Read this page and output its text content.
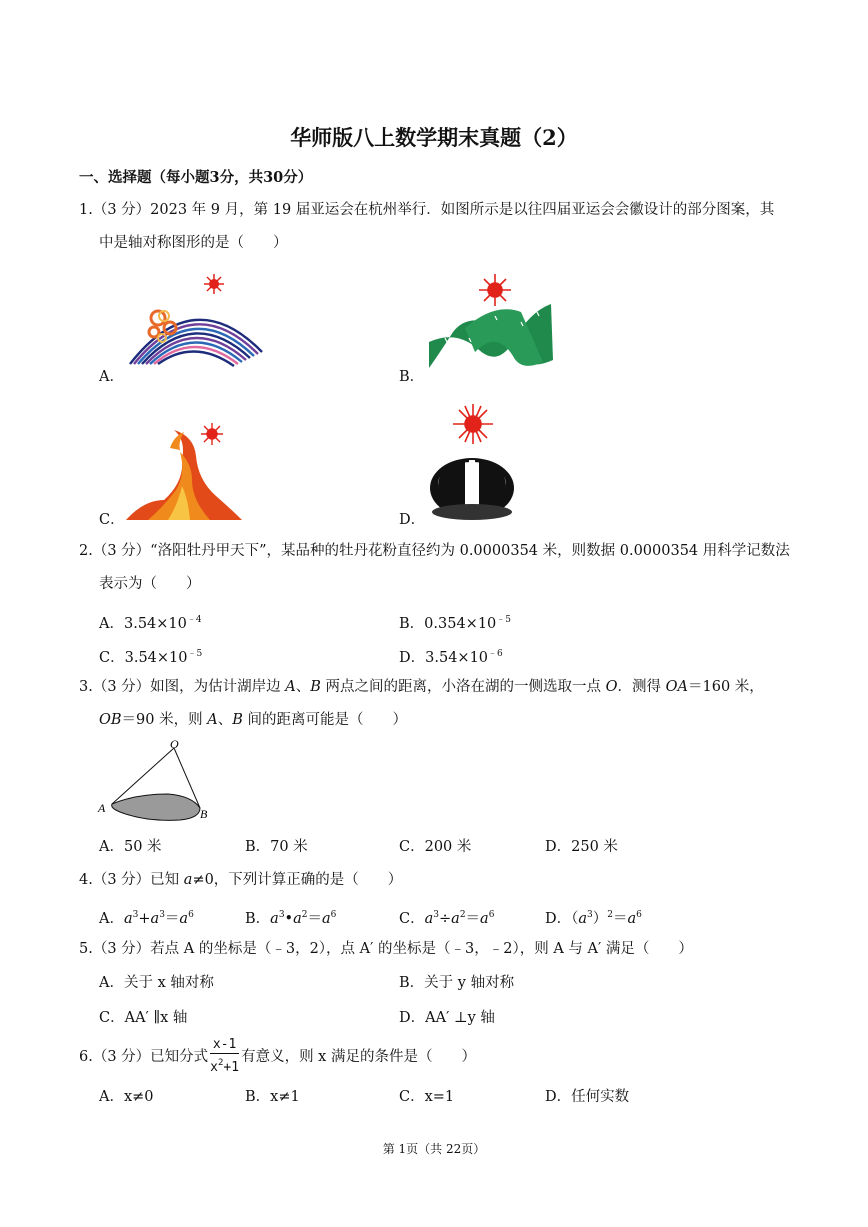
华师版八上数学期末真题（2）
一、选择题（每小题3分，共30分）
1.（3 分）2023 年 9 月，第 19 届亚运会在杭州举行．如图所示是以往四届亚运会会徽设计的部分图案，其
中是轴对称图形的是（　　）
A．	B．
C．	D．
2.（3 分）“洛阳牡丹甲天下”，某品种的牡丹花粉直径约为 0.0000354 米，则数据 0.0000354 用科学记数法
表示为（　　）
A．$3.54\times 10^{﹣4}$	B．$0.354\times 10^{﹣5}$
C．$3.54\times 10^{﹣5}$	D．$3.54\times 10^{﹣6}$
3.（3 分）如图，为估计湖岸边 A、B 两点之间的距离，小洛在湖的一侧选取一点 O．测得 OA＝160 米，
OB＝90 米，则 A、B 间的距离可能是（　　）
O
A	B
A．50 米	B．70 米	C．200 米	D．250 米
4.（3 分）已知 a≠0，下列计算正确的是（　　）
A．$a^3+a^3=a^6$	B．$a^3•a^2=a^6$	C．$a^3\div a^2=a^6$	D．$(a^3)^2=a^6$
5.（3 分）若点 A 的坐标是（﹣3，2），点 A′ 的坐标是（﹣3，﹣2），则 A 与 A′ 满足（　　）
A．关于 x 轴对称	B．关于 y 轴对称
C．AA′ ∥x 轴	D．AA′ ⊥y 轴
6.（3 分）已知分式 $\frac{x-1}{x^2+1}$ 有意义，则 x 满足的条件是（　　）
A．x≠0	B．x≠1	C．x=1	D．任何实数
第 1页（共 22页）
